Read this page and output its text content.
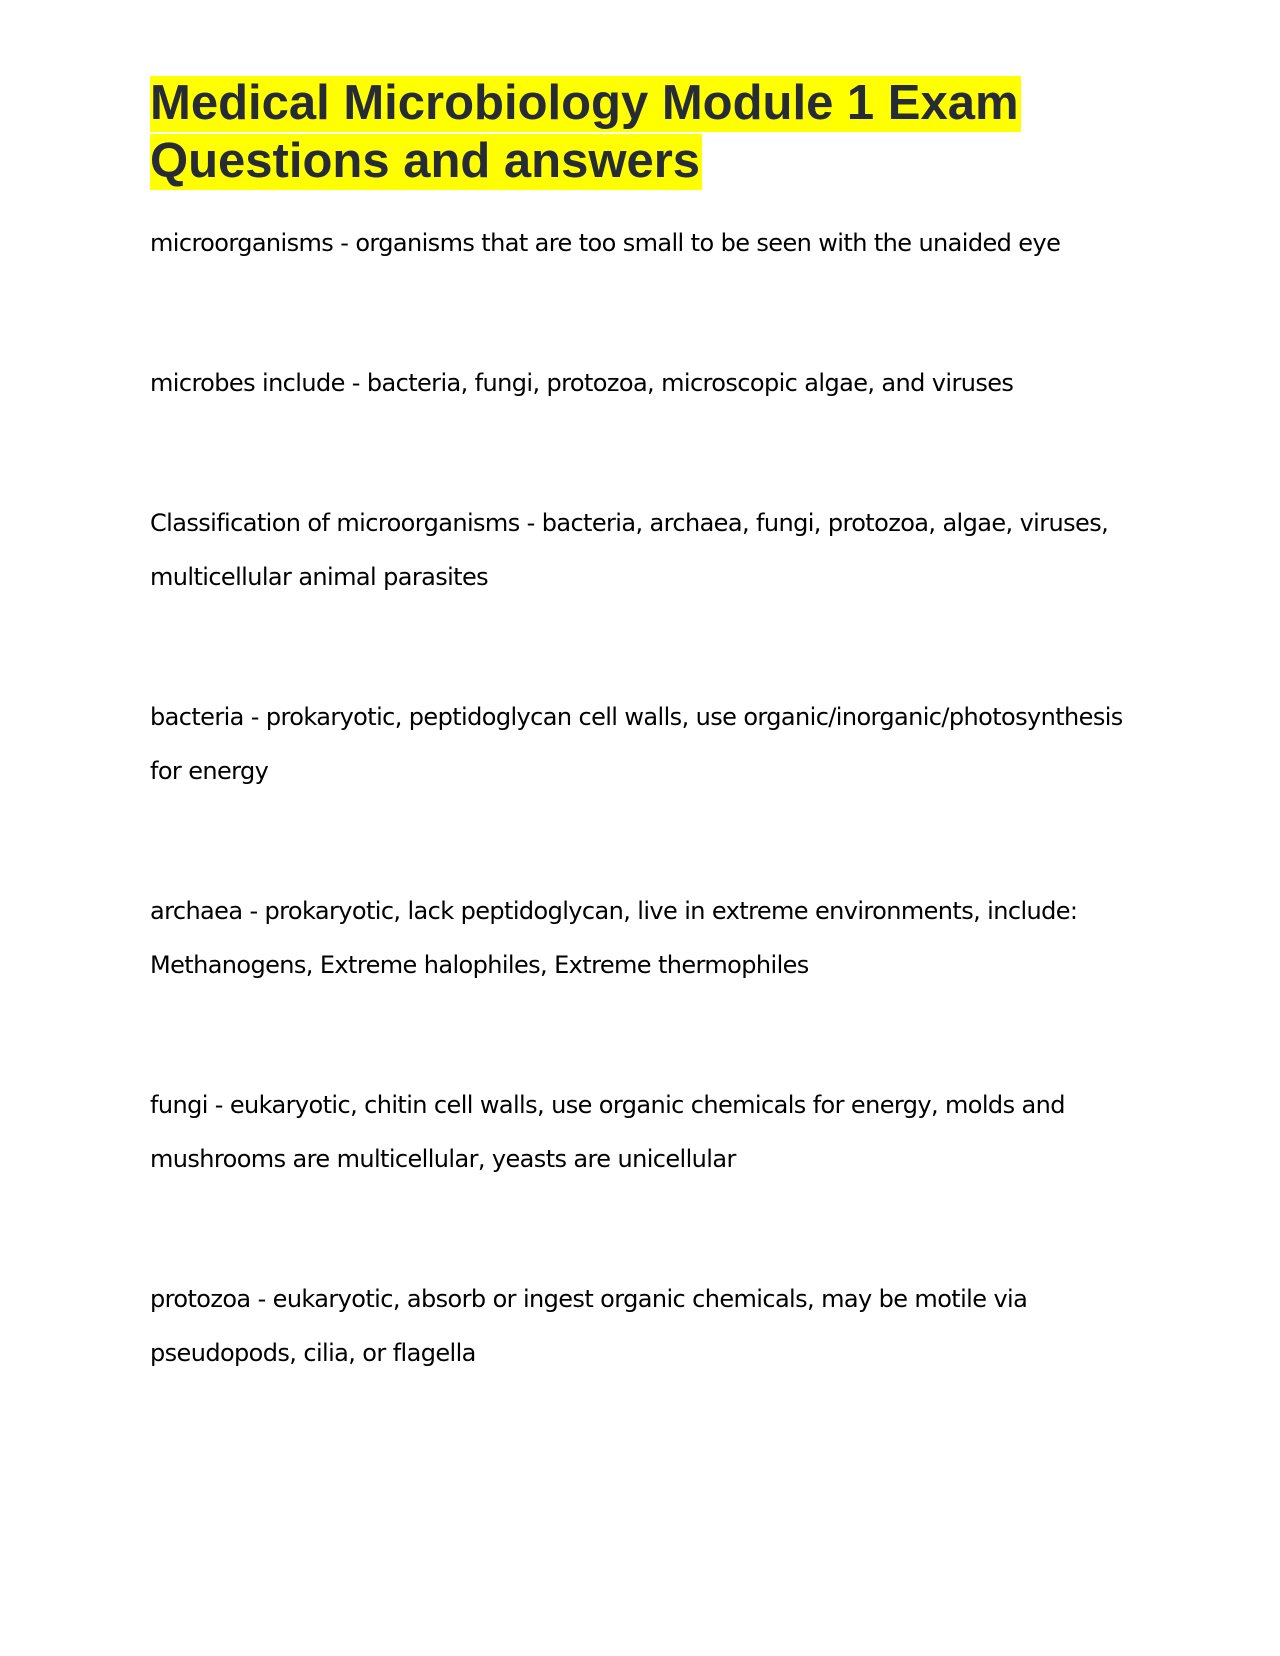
Medical Microbiology Module 1 Exam Questions and answers

microorganisms - organisms that are too small to be seen with the unaided eye

microbes include - bacteria, fungi, protozoa, microscopic algae, and viruses

Classification of microorganisms - bacteria, archaea, fungi, protozoa, algae, viruses, multicellular animal parasites

bacteria - prokaryotic, peptidoglycan cell walls, use organic/inorganic/photosynthesis for energy

archaea - prokaryotic, lack peptidoglycan, live in extreme environments, include: Methanogens, Extreme halophiles, Extreme thermophiles

fungi - eukaryotic, chitin cell walls, use organic chemicals for energy, molds and mushrooms are multicellular, yeasts are unicellular

protozoa - eukaryotic, absorb or ingest organic chemicals, may be motile via pseudopods, cilia, or flagella
